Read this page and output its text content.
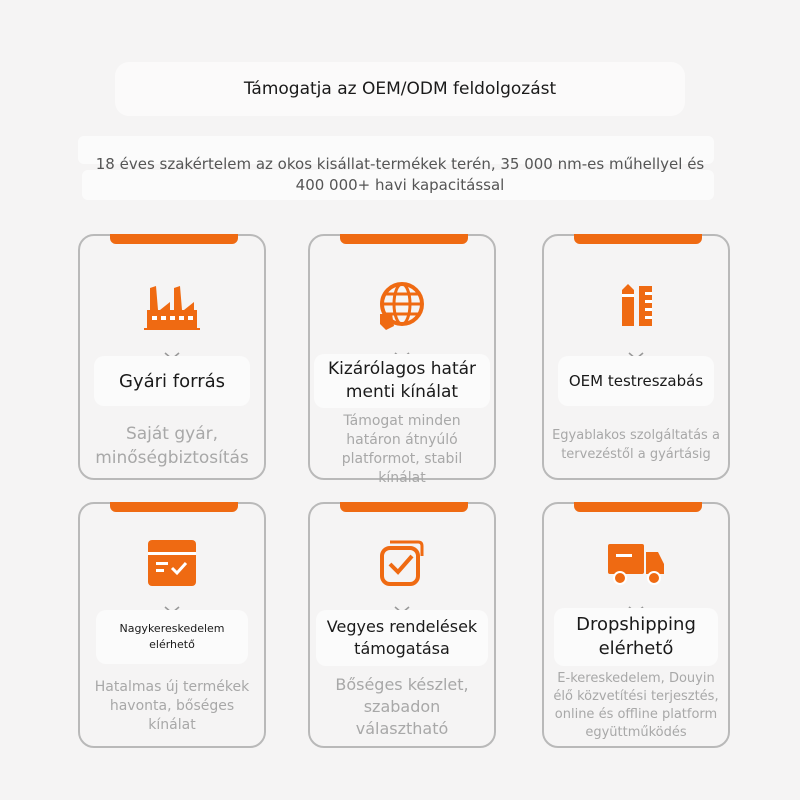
Támogatja az OEM/ODM feldolgozást
18 éves szakértelem az okos kisállat-termékek terén, 35 000 nm-es műhellyel és 400 000+ havi kapacitással
Gyári forrás
Saját gyár, minőségbiztosítás
Kizárólagos határ menti kínálat
Támogat minden határon átnyúló platformot, stabil kínálat
OEM testreszabás
Egyablakos szolgáltatás a tervezéstől a gyártásig
Nagykereskedelem elérhető
Hatalmas új termékek havonta, bőséges kínálat
Vegyes rendelések támogatása
Bőséges készlet, szabadon választható
Dropshipping elérhető
E-kereskedelem, Douyin élő közvetítési terjesztés, online és offline platform együttműködés
